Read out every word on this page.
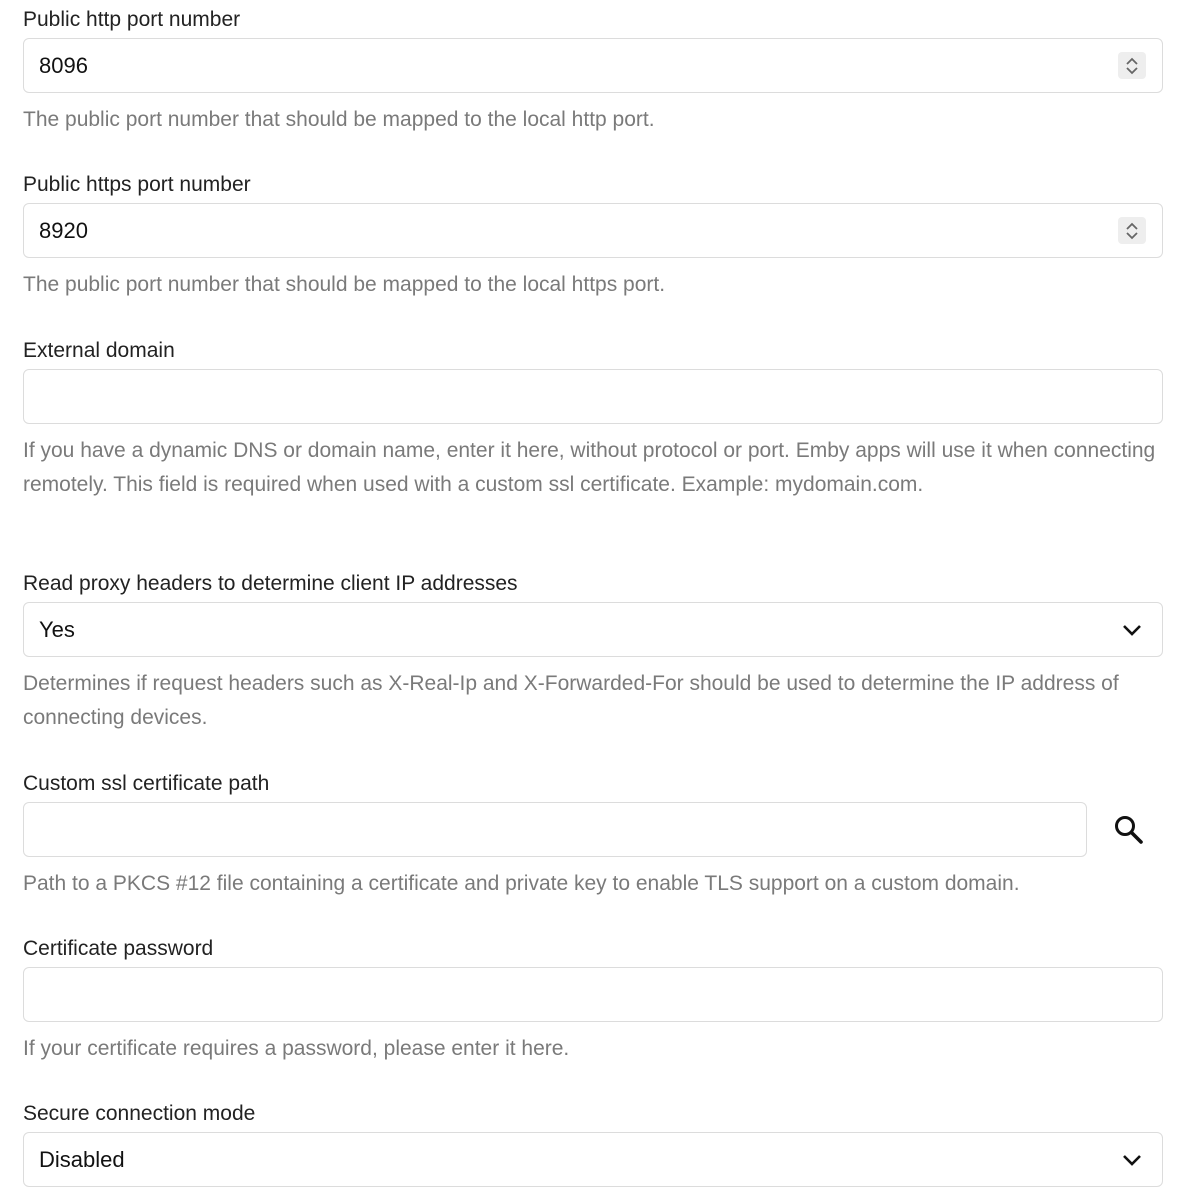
Public http port number
8096
The public port number that should be mapped to the local http port.
Public https port number
8920
The public port number that should be mapped to the local https port.
External domain
If you have a dynamic DNS or domain name, enter it here, without protocol or port. Emby apps will use it when connecting remotely. This field is required when used with a custom ssl certificate. Example: mydomain.com.
Read proxy headers to determine client IP addresses
Yes
Determines if request headers such as X-Real-Ip and X-Forwarded-For should be used to determine the IP address of connecting devices.
Custom ssl certificate path
Path to a PKCS #12 file containing a certificate and private key to enable TLS support on a custom domain.
Certificate password
If your certificate requires a password, please enter it here.
Secure connection mode
Disabled
